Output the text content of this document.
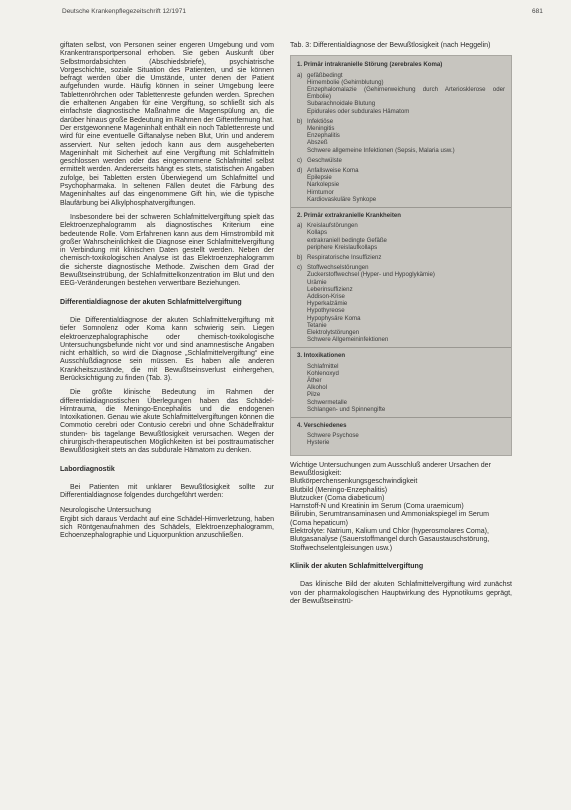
Deutsche Krankenpflegezeitschrift 12/1971	681

giftaten selbst, von Personen seiner engeren Umgebung und vom Krankentransportpersonal erhoben. Sie geben Auskunft über Selbstmordabsichten (Abschiedsbriefe), psychiatrische Vorgeschichte, soziale Situation des Patienten, und sie können befragt werden über die Umstände, unter denen der Patient aufgefunden wurde. Häufig können in seiner Umgebung leere Tablettenröhrchen oder Tablettenreste gefunden werden. Sprechen die erhaltenen Angaben für eine Vergiftung, so schließt sich als einfachste diagnostische Maßnahme die Magenspülung an, die darüber hinaus große Bedeutung im Rahmen der Giftentfernung hat. Der erstgewonnene Mageninhalt enthält ein noch Tablettenreste und wird für eine eventuelle Giftanalyse neben Blut, Urin und anderem asserviert. Nur selten jedoch kann aus dem ausgeheberten Mageninhalt mit Sicherheit auf eine Vergiftung mit Schlafmitteln geschlossen werden oder das eingenommene Schlafmittel selbst ermittelt werden. Andererseits hängt es stets, statistischen Angaben zufolge, bei Tabletten ersten Überwiegend um Schlafmittel und Psychopharmaka. In seltenen Fällen deutet die Färbung des Mageninhaltes auf das eingenommene Gift hin, wie die typische Blaufärbung bei Alkylphosphatvergiftungen.

Insbesondere bei der schweren Schlafmittelvergiftung spielt das Elektroenzephalogramm als diagnostisches Kriterium eine bedeutende Rolle. Vom Erfahrenen kann aus dem Hirnstrombild mit großer Wahrscheinlichkeit die Diagnose einer Schlafmittelvergiftung in Verbindung mit klinischen Daten gestellt werden. Neben der chemisch-toxikologischen Analyse ist das Elektroenzephalogramm die sicherste diagnostische Methode. Zwischen dem Grad der Bewußtseinstrübung, der Schlafmittelkonzentration im Blut und den EEG-Veränderungen bestehen verwertbare Beziehungen.

Differentialdiagnose der akuten Schlafmittelvergiftung

Die Differentialdiagnose der akuten Schlafmittelvergiftung mit tiefer Somnolenz oder Koma kann schwierig sein. Liegen elektroenzephalographische oder chemisch-toxikologische Untersuchungsbefunde nicht vor und sind anamnestische Angaben nicht erhältlich, so wird die Diagnose „Schlafmittelvergiftung“ eine Ausschlußdiagnose sein müssen. Es haben alle anderen Krankheitszustände, die mit Bewußtseinsverlust einhergehen, Berücksichtigung zu finden (Tab. 3).

Die größte klinische Bedeutung im Rahmen der differentialdiagnostischen Überlegungen haben das Schädel-Hirntrauma, die Meningo-Encephalitis und die endogenen Intoxikationen. Genau wie akute Schlafmittelvergiftungen können die Commotio cerebri oder Contusio cerebri und ohne Schädelfraktur stunden- bis tagelange Bewußtlosigkeit verursachen. Wegen der chirurgisch-therapeutischen Möglichkeiten ist bei posttraumatischer Bewußtlosigkeit stets an das subdurale Hämatom zu denken.

Labordiagnostik

Bei Patienten mit unklarer Bewußtlosigkeit sollte zur Differentialdiagnose folgendes durchgeführt werden:

Neurologische Untersuchung

Ergibt sich daraus Verdacht auf eine Schädel-Hirnverletzung, haben sich Röntgenaufnahmen des Schädels, Elektroenzephalogramm, Echoenzephalographie und Liquorpunktion anzuschließen.

Tab. 3: Differentialdiagnose der Bewußtlosigkeit (nach Heggelin)
1. Primär intrakranielle Störung (zerebrales Koma)
a) gefäßbedingt
Hirnembolie (Gehirnblutung)
Enzephalomalazie (Gehirnerweichung durch Arteriosklerose oder Embolie)
Subarachnoidale Blutung
Epidurales oder subdurales Hämatom
b) Infektiöse
Meningitis
Enzephalitis
Abszeß
Schwere allgemeine Infektionen (Sepsis, Malaria usw.)
c) Geschwülste
d) Anfallsweise Koma
Epilepsie
Narkolepsie
Hirntumor
Kardiovaskuläre Synkope
2. Primär extrakranielle Krankheiten
a) Kreislaufstörungen
Kollaps
extrakraniell bedingte Gefäße
periphere Kreislaufkollaps
b) Respiratorische Insuffizienz
c) Stoffwechselstörungen
Zuckerstoffwechsel (Hyper- und Hypoglykämie)
Urämie
Leberinsuffizienz
Addison-Krise
Hyperkalzämie
Hypothyreose
Hypophysäre Koma
Tetanie
Elektrolytstörungen
Schwere Allgemeininfektionen
3. Intoxikationen
Schlafmittel
Kohlenoxyd
Äther
Alkohol
Pilze
Schwermetalle
Schlangen- und Spinnengifte
4. Verschiedenes
Schwere Psychose
Hysterie
Wichtige Untersuchungen zum Ausschluß anderer Ursachen der Bewußtlosigkeit:
Blutkörperchensenkungsgeschwindigkeit
Blutbild (Meningo-Enzephalitis)
Blutzucker (Coma diabeticum)
Harnstoff-N und Kreatinin im Serum (Coma uraemicum)
Bilirubin, Serumtransaminasen und Ammoniakspiegel im Serum (Coma hepaticum)
Elektrolyte: Natrium, Kalium und Chlor (hyperosmolares Coma), Blutgasanalyse (Sauerstoffmangel durch Gasaustauschstörung, Stoffwechselentgleisungen usw.)
Klinik der akuten Schlafmittelvergiftung

Das klinische Bild der akuten Schlafmittelvergiftung wird zunächst von der pharmakologischen Hauptwirkung des Hypnotikums geprägt, der Bewußtseinstrü-
